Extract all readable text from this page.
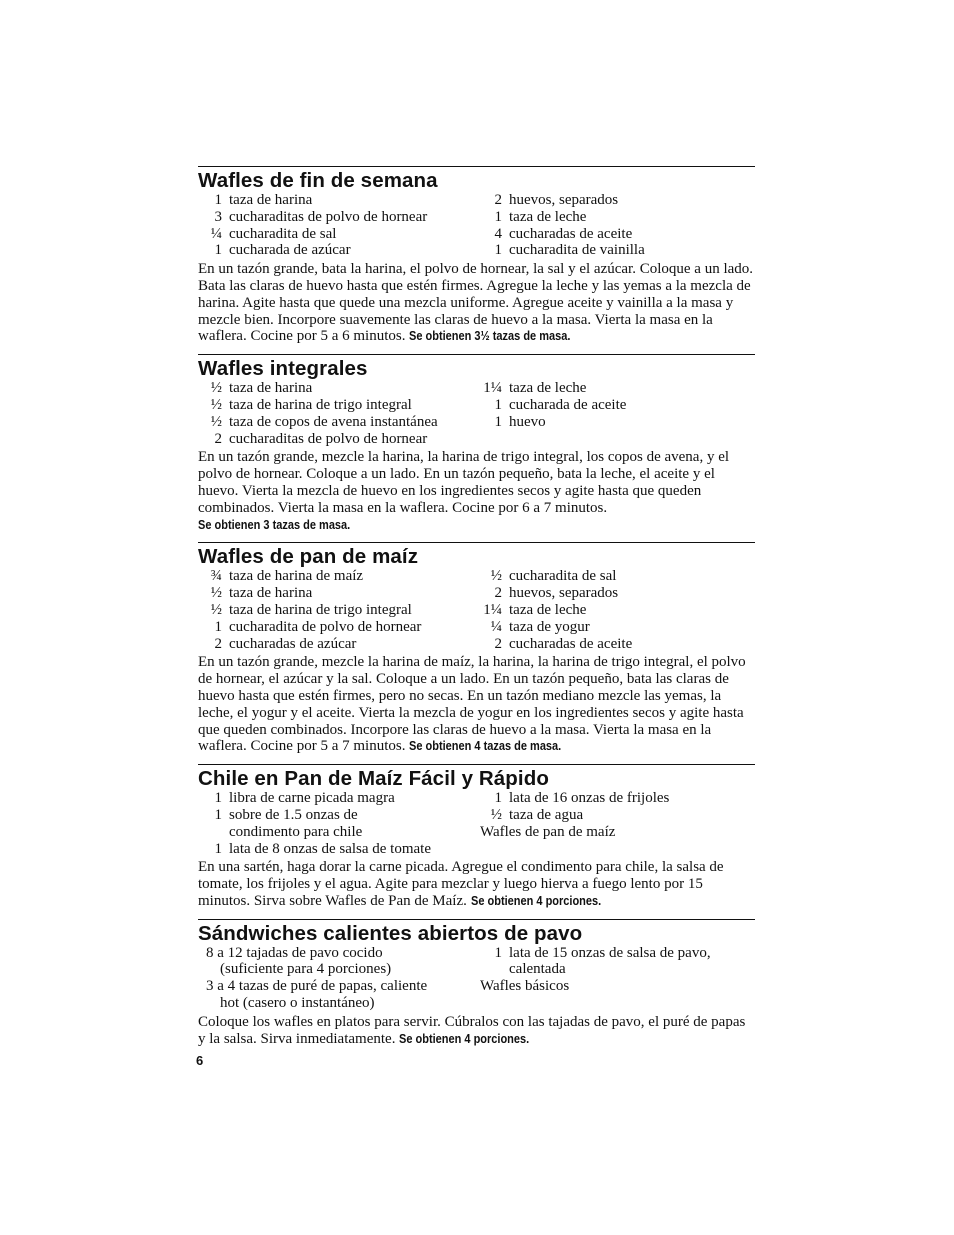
Wafles de fin de semana
1 taza de harina
3 cucharaditas de polvo de hornear
¼ cucharadita de sal
1 cucharada de azúcar
2 huevos, separados
1 taza de leche
4 cucharadas de aceite
1 cucharadita de vainilla

En un tazón grande, bata la harina, el polvo de hornear, la sal y el azúcar. Coloque a un lado. Bata las claras de huevo hasta que estén firmes. Agregue la leche y las yemas a la mezcla de harina. Agite hasta que quede una mezcla uniforme. Agregue aceite y vainilla a la masa y mezcle bien. Incorpore suavemente las claras de huevo a la masa. Vierta la masa en la waflera. Cocine por 5 a 6 minutos. Se obtienen 3½ tazas de masa.

Wafles integrales
½ taza de harina
½ taza de harina de trigo integral
½ taza de copos de avena instantánea
2 cucharaditas de polvo de hornear
1¼ taza de leche
1 cucharada de aceite
1 huevo

En un tazón grande, mezcle la harina, la harina de trigo integral, los copos de avena, y el polvo de hornear. Coloque a un lado. En un tazón pequeño, bata la leche, el aceite y el huevo. Vierta la mezcla de huevo en los ingredientes secos y agite hasta que queden combinados. Vierta la masa en la waflera. Cocine por 6 a 7 minutos. Se obtienen 3 tazas de masa.

Wafles de pan de maíz
¾ taza de harina de maíz
½ taza de harina
½ taza de harina de trigo integral
1 cucharadita de polvo de hornear
2 cucharadas de azúcar
½ cucharadita de sal
2 huevos, separados
1¼ taza de leche
¼ taza de yogur
2 cucharadas de aceite

En un tazón grande, mezcle la harina de maíz, la harina, la harina de trigo integral, el polvo de hornear, el azúcar y la sal. Coloque a un lado. En un tazón pequeño, bata las claras de huevo hasta que estén firmes, pero no secas. En un tazón mediano mezcle las yemas, la leche, el yogur y el aceite. Vierta la mezcla de yogur en los ingredientes secos y agite hasta que queden combinados. Incorpore las claras de huevo a la masa. Vierta la masa en la waflera. Cocine por 5 a 7 minutos. Se obtienen 4 tazas de masa.

Chile en Pan de Maíz Fácil y Rápido
1 libra de carne picada magra
1 sobre de 1.5 onzas de
condimento para chile
1 lata de 8 onzas de salsa de tomate
1 lata de 16 onzas de frijoles
½ taza de agua
Wafles de pan de maíz

En una sartén, haga dorar la carne picada. Agregue el condimento para chile, la salsa de tomate, los frijoles y el agua. Agite para mezclar y luego hierva a fuego lento por 15 minutos. Sirva sobre Wafles de Pan de Maíz. Se obtienen 4 porciones.

Sándwiches calientes abiertos de pavo
8 a 12 tajadas de pavo cocido
(suficiente para 4 porciones)
3 a 4 tazas de puré de papas, caliente
hot (casero o instantáneo)
1 lata de 15 onzas de salsa de pavo,
calentada
Wafles básicos

Coloque los wafles en platos para servir. Cúbralos con las tajadas de pavo, el puré de papas y la salsa. Sirva inmediatamente. Se obtienen 4 porciones.

6
